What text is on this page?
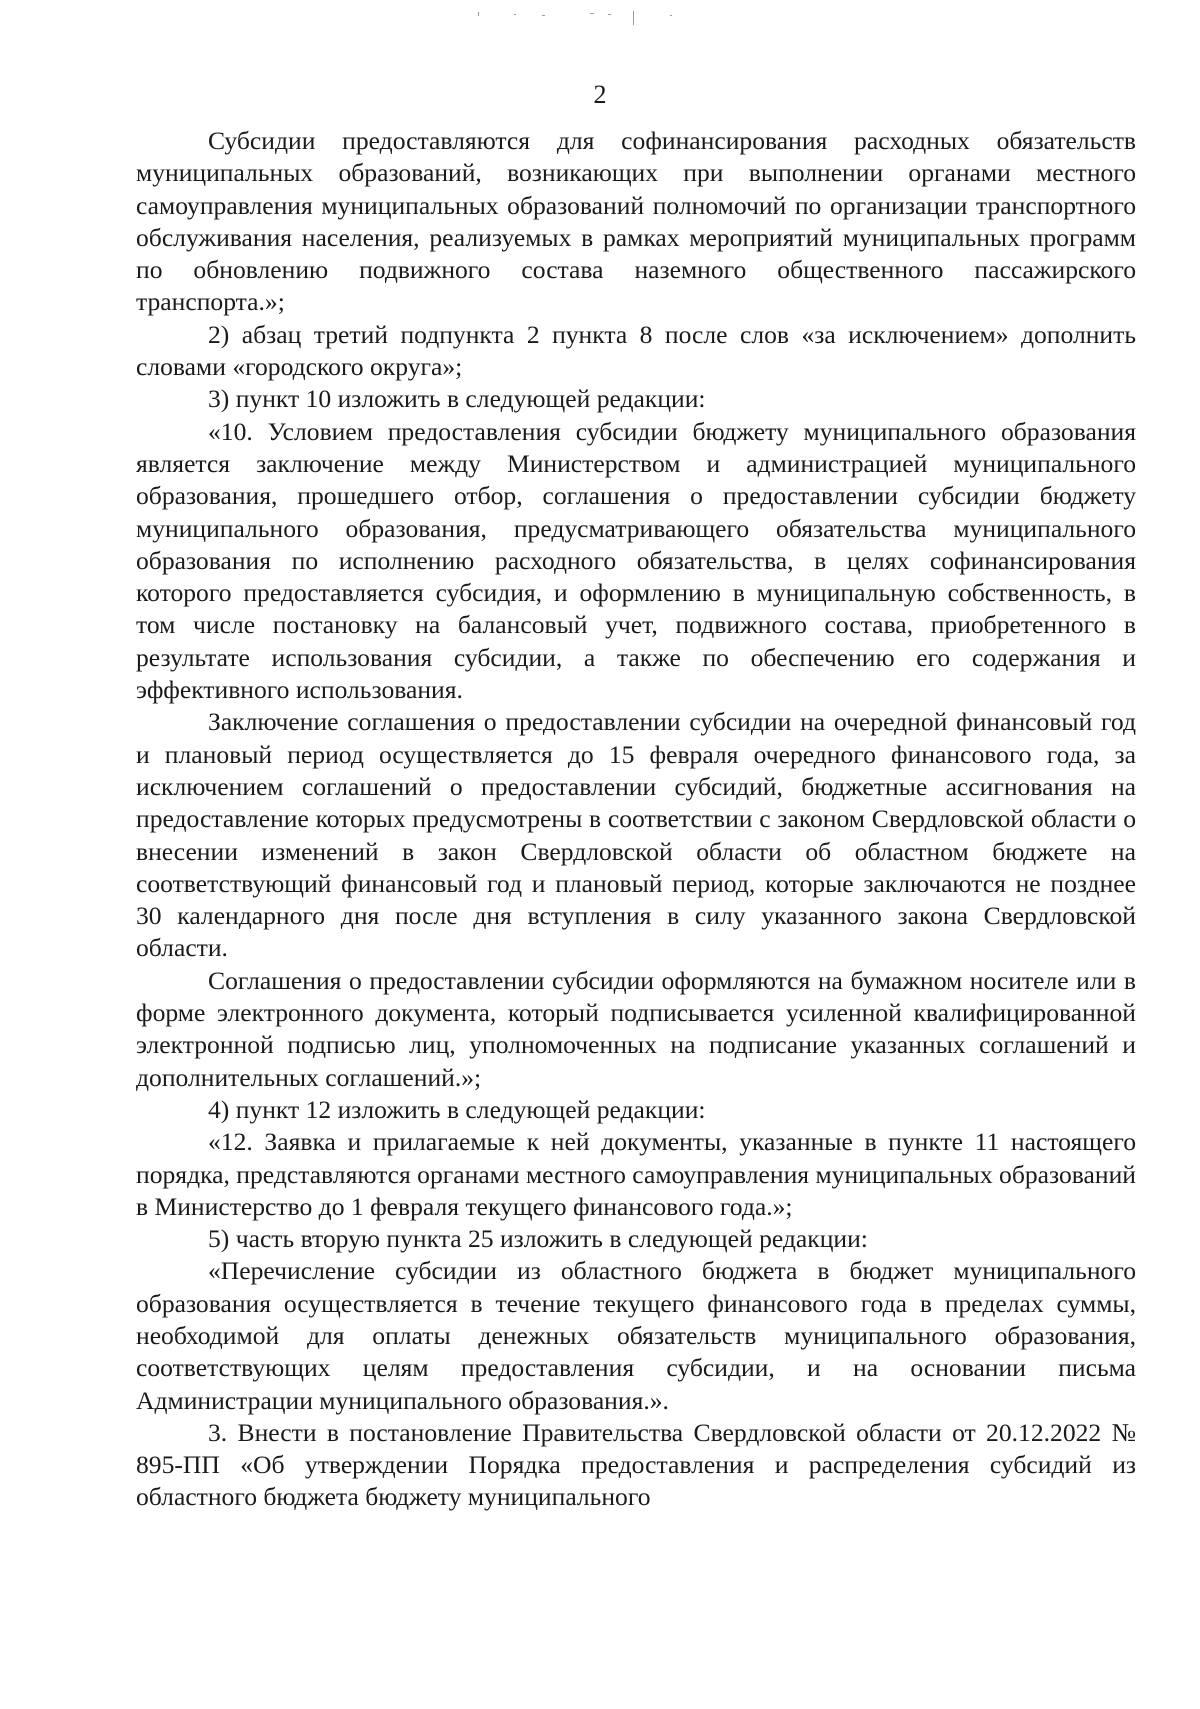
2

Субсидии предоставляются для софинансирования расходных обязательств муниципальных образований, возникающих при выполнении органами местного самоуправления муниципальных образований полномочий по организации транспортного обслуживания населения, реализуемых в рамках мероприятий муниципальных программ по обновлению подвижного состава наземного общественного пассажирского транспорта.»;

2) абзац третий подпункта 2 пункта 8 после слов «за исключением» дополнить словами «городского округа»;

3) пункт 10 изложить в следующей редакции:

«10. Условием предоставления субсидии бюджету муниципального образования является заключение между Министерством и администрацией муниципального образования, прошедшего отбор, соглашения о предоставлении субсидии бюджету муниципального образования, предусматривающего обязательства муниципального образования по исполнению расходного обязательства, в целях софинансирования которого предоставляется субсидия, и оформлению в муниципальную собственность, в том числе постановку на балансовый учет, подвижного состава, приобретенного в результате использования субсидии, а также по обеспечению его содержания и эффективного использования.

Заключение соглашения о предоставлении субсидии на очередной финансовый год и плановый период осуществляется до 15 февраля очередного финансового года, за исключением соглашений о предоставлении субсидий, бюджетные ассигнования на предоставление которых предусмотрены в соответствии с законом Свердловской области о внесении изменений в закон Свердловской области об областном бюджете на соответствующий финансовый год и плановый период, которые заключаются не позднее 30 календарного дня после дня вступления в силу указанного закона Свердловской области.

Соглашения о предоставлении субсидии оформляются на бумажном носителе или в форме электронного документа, который подписывается усиленной квалифицированной электронной подписью лиц, уполномоченных на подписание указанных соглашений и дополнительных соглашений.»;

4) пункт 12 изложить в следующей редакции:

«12. Заявка и прилагаемые к ней документы, указанные в пункте 11 настоящего порядка, представляются органами местного самоуправления муниципальных образований в Министерство до 1 февраля текущего финансового года.»;

5) часть вторую пункта 25 изложить в следующей редакции:

«Перечисление субсидии из областного бюджета в бюджет муниципального образования осуществляется в течение текущего финансового года в пределах суммы, необходимой для оплаты денежных обязательств муниципального образования, соответствующих целям предоставления субсидии, и на основании письма Администрации муниципального образования.».

3. Внести в постановление Правительства Свердловской области от 20.12.2022 № 895-ПП «Об утверждении Порядка предоставления и распределения субсидий из областного бюджета бюджету муниципального
